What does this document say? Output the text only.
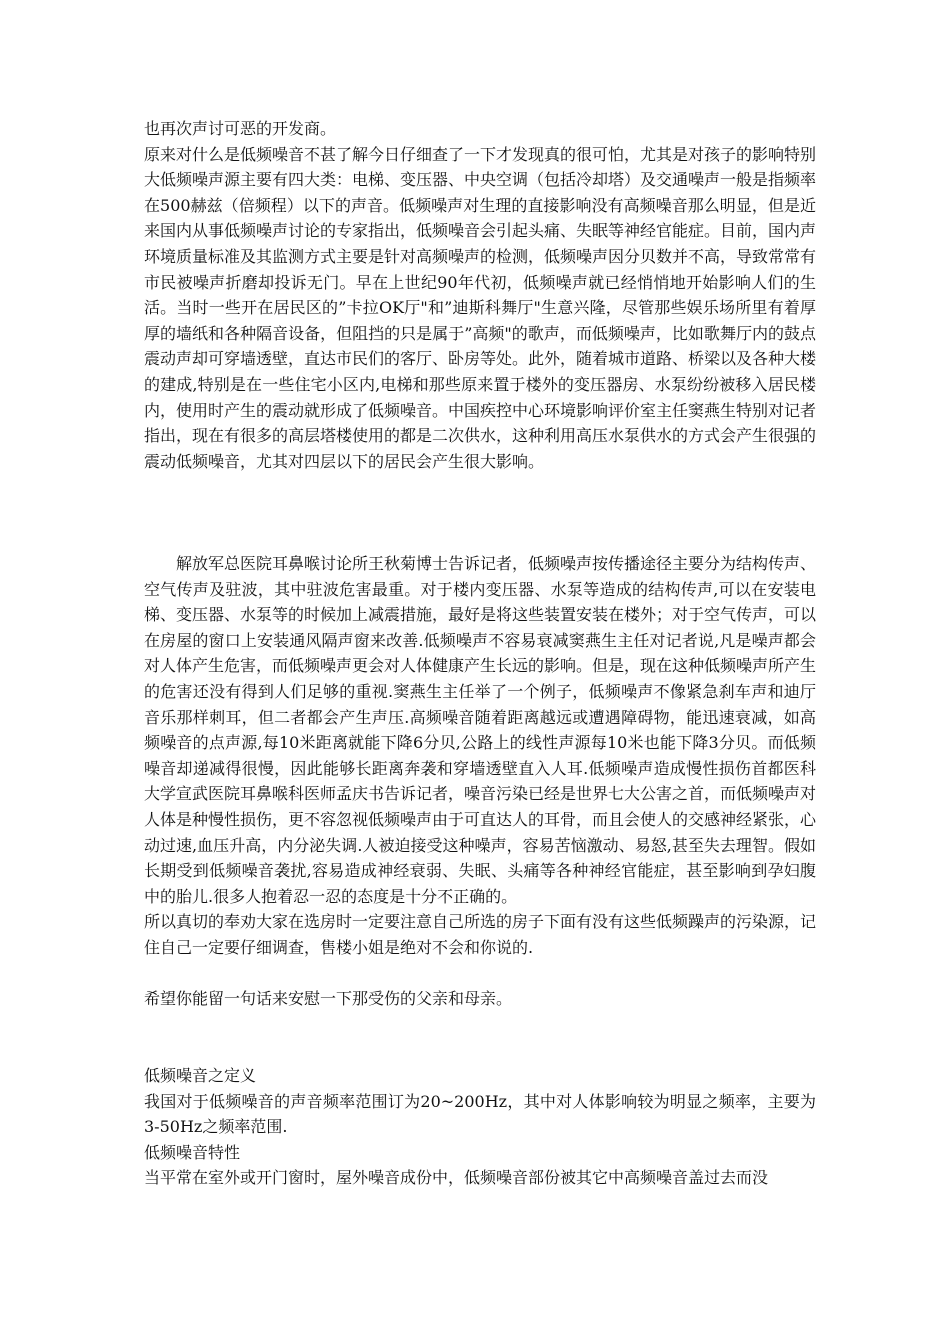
也再次声讨可恶的开发商。

原来对什么是低频噪音不甚了解今日仔细查了一下才发现真的很可怕，尤其是对孩子的影响特别大低频噪声源主要有四大类：电梯、变压器、中央空调（包括冷却塔）及交通噪声一般是指频率在500赫兹（倍频程）以下的声音。低频噪声对生理的直接影响没有高频噪音那么明显，但是近来国内从事低频噪声讨论的专家指出，低频噪音会引起头痛、失眠等神经官能症。目前，国内声环境质量标准及其监测方式主要是针对高频噪声的检测，低频噪声因分贝数并不高，导致常常有市民被噪声折磨却投诉无门。早在上世纪90年代初，低频噪声就已经悄悄地开始影响人们的生活。当时一些开在居民区的”卡拉OK厅"和”迪斯科舞厅"生意兴隆，尽管那些娱乐场所里有着厚厚的墙纸和各种隔音设备，但阻挡的只是属于”高频"的歌声，而低频噪声，比如歌舞厅内的鼓点震动声却可穿墙透壁，直达市民们的客厅、卧房等处。此外，随着城市道路、桥梁以及各种大楼的建成,特别是在一些住宅小区内,电梯和那些原来置于楼外的变压器房、水泵纷纷被移入居民楼内，使用时产生的震动就形成了低频噪音。中国疾控中心环境影响评价室主任窦燕生特别对记者指出，现在有很多的高层塔楼使用的都是二次供水，这种利用高压水泵供水的方式会产生很强的震动低频噪音，尤其对四层以下的居民会产生很大影响。

解放军总医院耳鼻喉讨论所王秋菊博士告诉记者，低频噪声按传播途径主要分为结构传声、空气传声及驻波，其中驻波危害最重。对于楼内变压器、水泵等造成的结构传声,可以在安装电梯、变压器、水泵等的时候加上减震措施，最好是将这些装置安装在楼外；对于空气传声，可以在房屋的窗口上安装通风隔声窗来改善.低频噪声不容易衰减窦燕生主任对记者说,凡是噪声都会对人体产生危害，而低频噪声更会对人体健康产生长远的影响。但是，现在这种低频噪声所产生的危害还没有得到人们足够的重视.窦燕生主任举了一个例子，低频噪声不像紧急刹车声和迪厅音乐那样刺耳，但二者都会产生声压.高频噪音随着距离越远或遭遇障碍物，能迅速衰减，如高频噪音的点声源,每10米距离就能下降6分贝,公路上的线性声源每10米也能下降3分贝。而低频噪音却递减得很慢，因此能够长距离奔袭和穿墙透壁直入人耳.低频噪声造成慢性损伤首都医科大学宣武医院耳鼻喉科医师孟庆书告诉记者，噪音污染已经是世界七大公害之首，而低频噪声对人体是种慢性损伤，更不容忽视低频噪声由于可直达人的耳骨，而且会使人的交感神经紧张，心动过速,血压升高，内分泌失调.人被迫接受这种噪声，容易苦恼激动、易怒,甚至失去理智。假如长期受到低频噪音袭扰,容易造成神经衰弱、失眠、头痛等各种神经官能症，甚至影响到孕妇腹中的胎儿.很多人抱着忍一忍的态度是十分不正确的。

所以真切的奉劝大家在选房时一定要注意自己所选的房子下面有没有这些低频躁声的污染源，记住自己一定要仔细调查，售楼小姐是绝对不会和你说的.

希望你能留一句话来安慰一下那受伤的父亲和母亲。

低频噪音之定义

我国对于低频噪音的声音频率范围订为20~200Hz，其中对人体影响较为明显之频率，主要为3-50Hz之频率范围.

低频噪音特性

当平常在室外或开门窗时，屋外噪音成份中，低频噪音部份被其它中高频噪音盖过去而没
